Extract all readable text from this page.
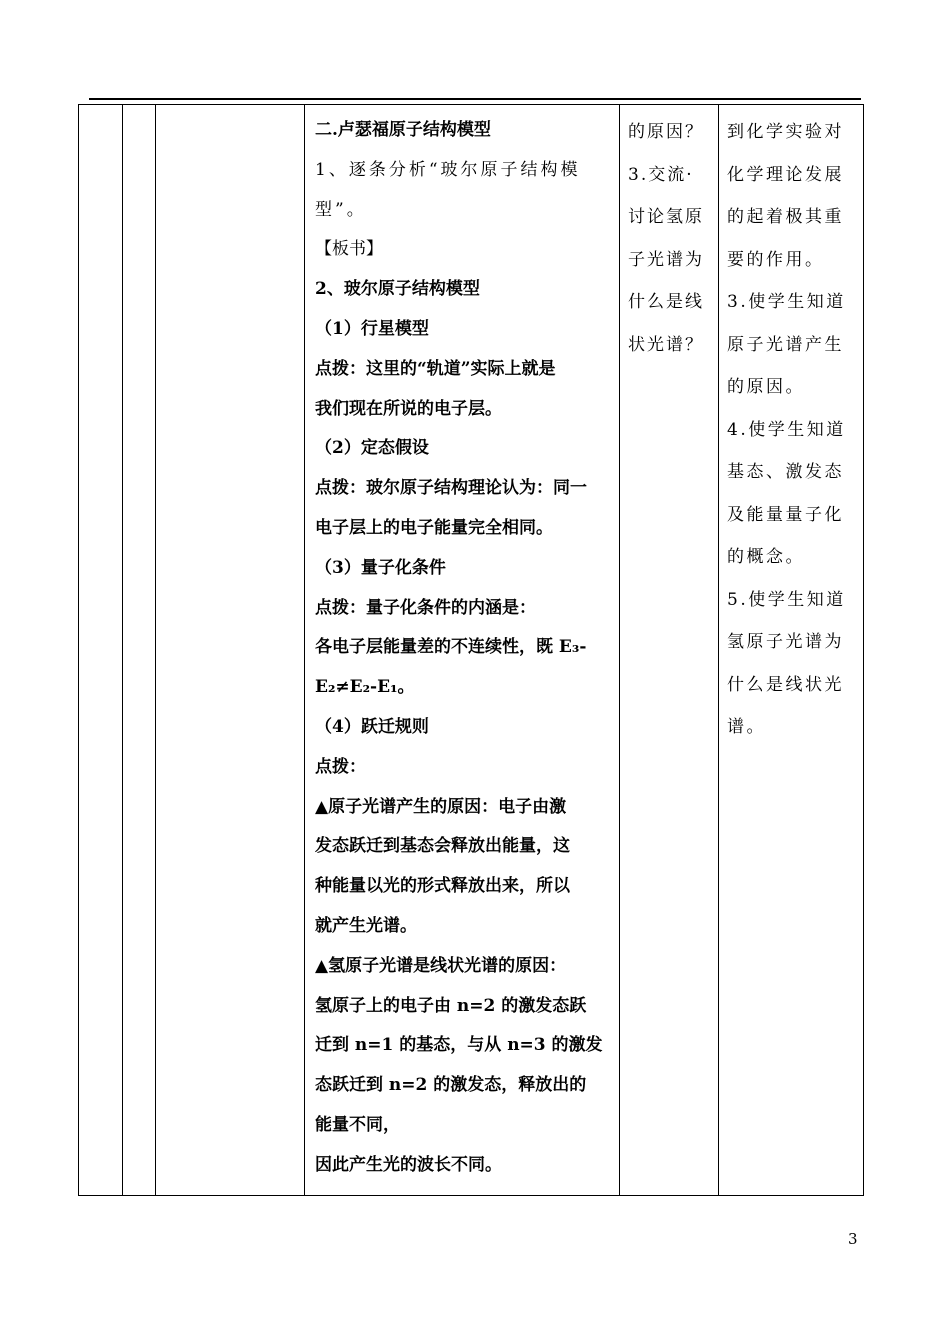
二.卢瑟福原子结构模型
1、逐条分析“玻尔原子结构模
型”。
【板书】
2、玻尔原子结构模型
（1）行星模型
点拨：这里的“轨道”实际上就是
我们现在所说的电子层。
（2）定态假设
点拨：玻尔原子结构理论认为：同一
电子层上的电子能量完全相同。
（3）量子化条件
点拨：量子化条件的内涵是：
各电子层能量差的不连续性，既 E₃-
E₂≠E₂-E₁。
（4）跃迁规则
点拨：
▲原子光谱产生的原因：电子由激
发态跃迁到基态会释放出能量，这
种能量以光的形式释放出来，所以
就产生光谱。
▲氢原子光谱是线状光谱的原因：
氢原子上的电子由 n=2 的激发态跃
迁到 n=1 的基态，与从 n=3 的激发
态跃迁到 n=2 的激发态，释放出的
能量不同，
因此产生光的波长不同。
的原因？
3.交流·
讨论氢原
子光谱为
什么是线
状光谱？
到化学实验对
化学理论发展
的起着极其重
要的作用。
3.使学生知道
原子光谱产生
的原因。
4.使学生知道
基态、激发态
及能量量子化
的概念。
5.使学生知道
氢原子光谱为
什么是线状光
谱。
3
